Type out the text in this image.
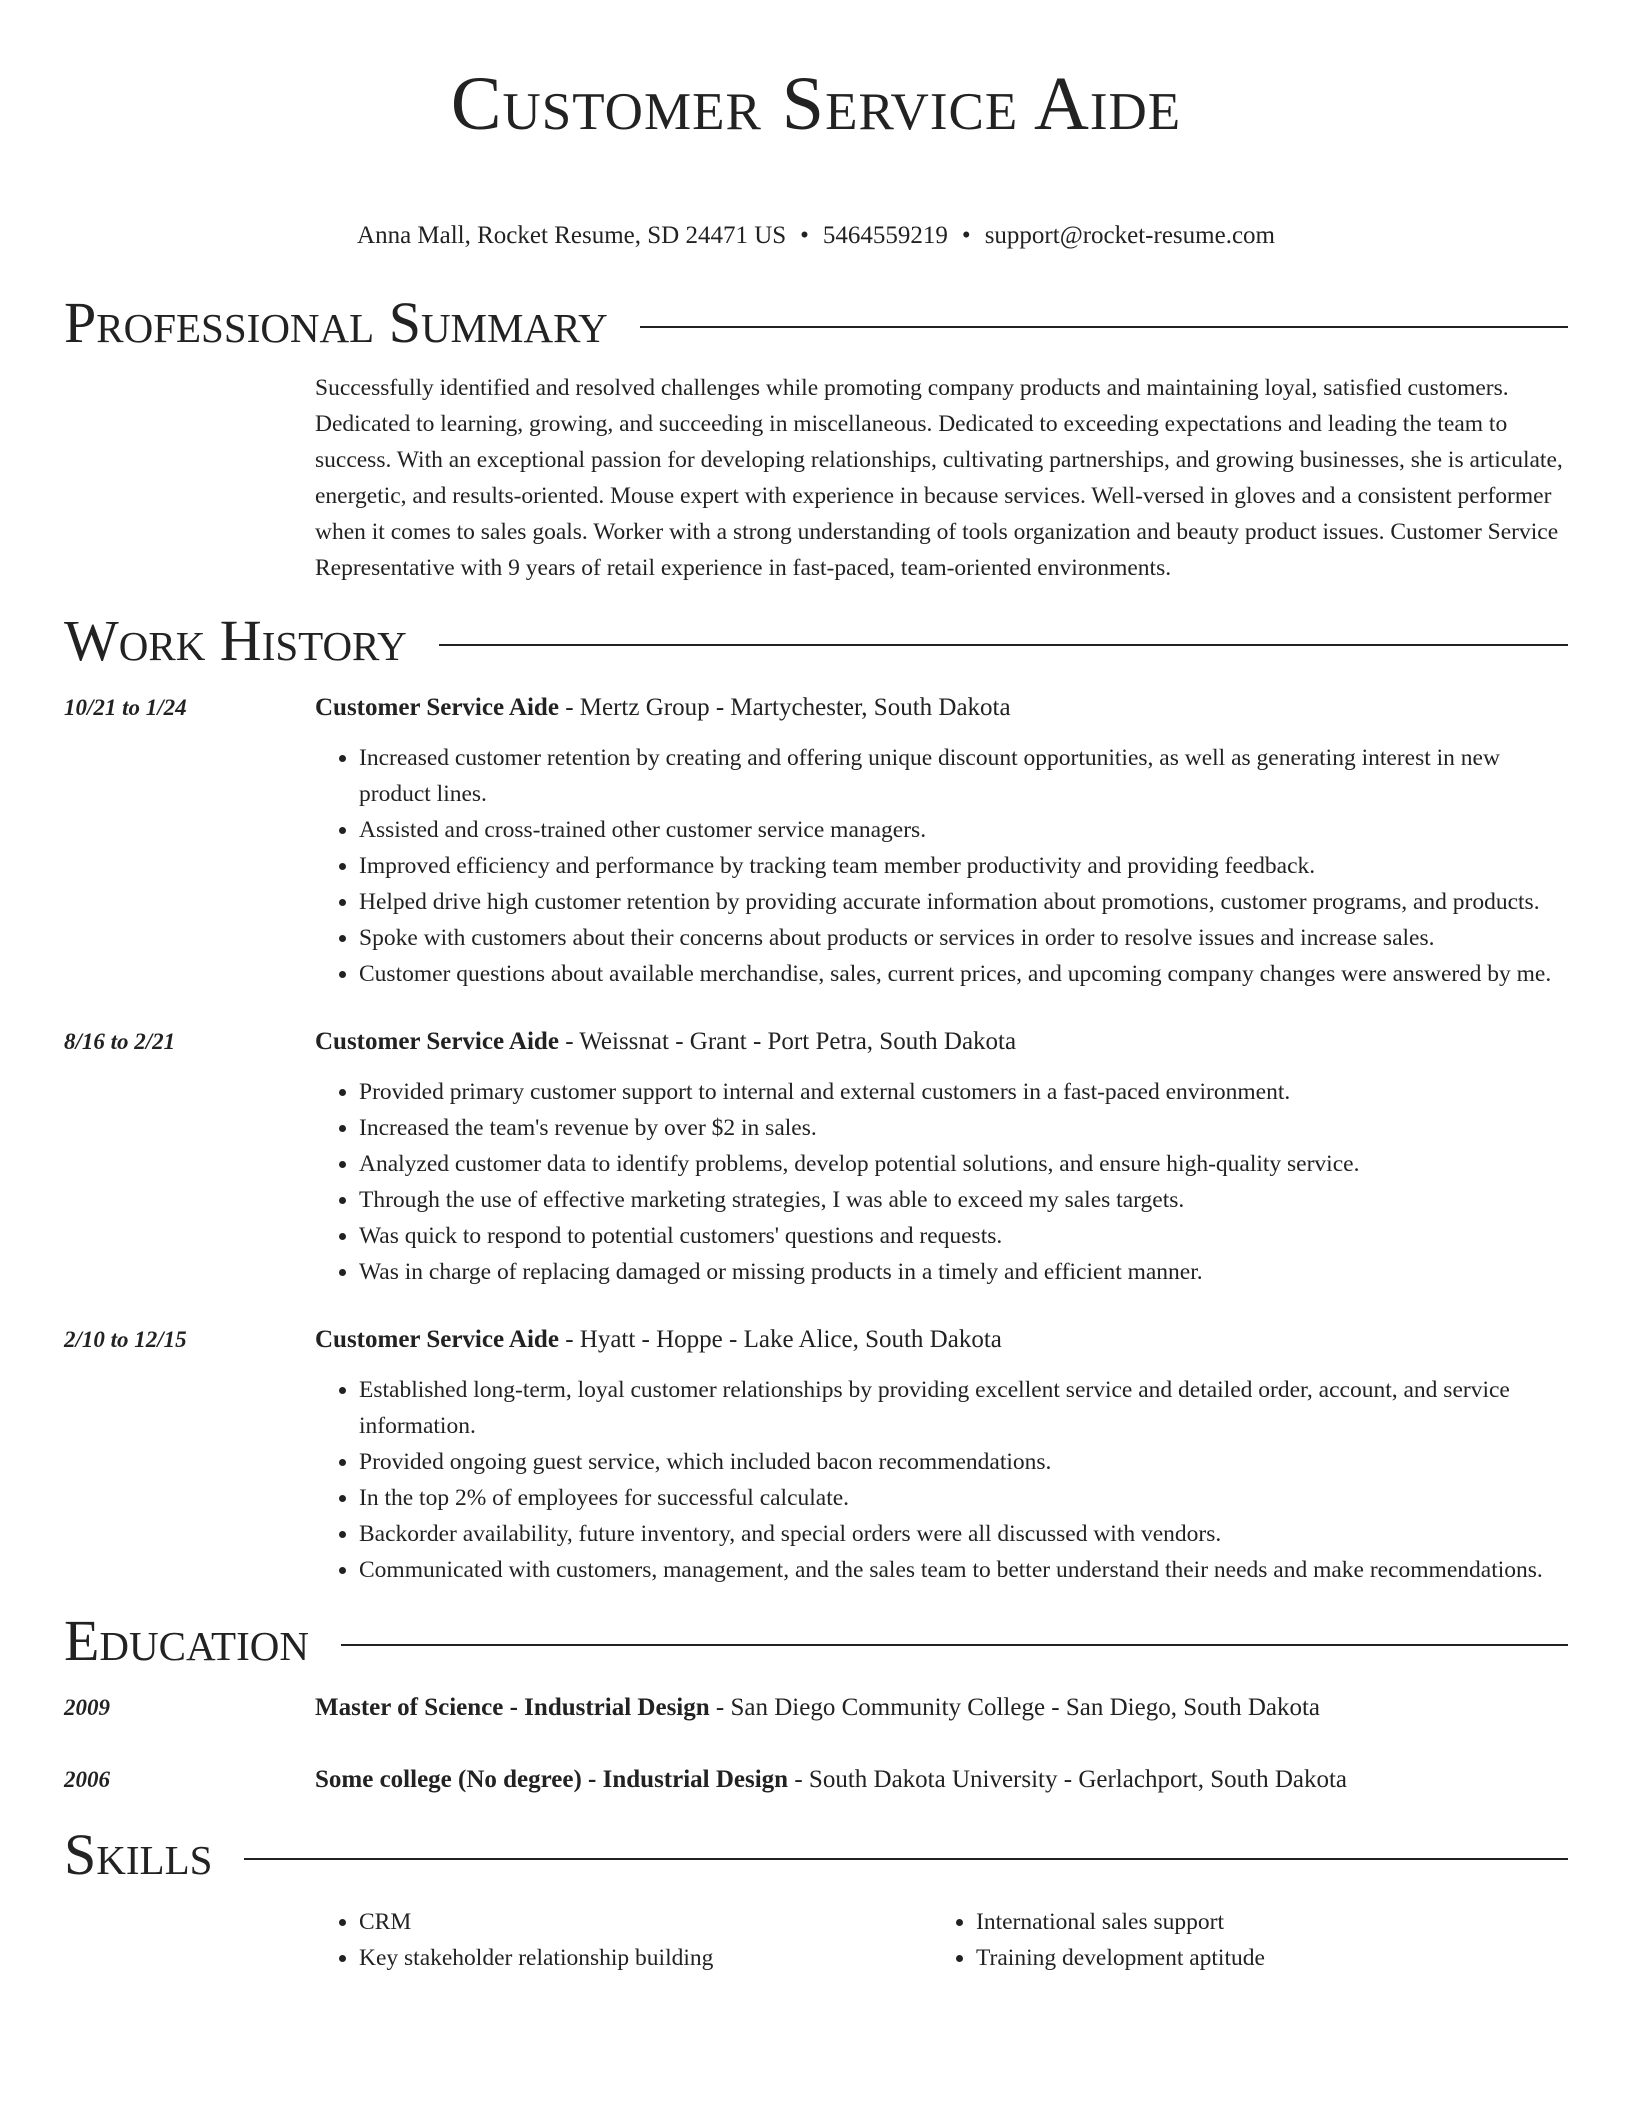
Customer Service Aide
Anna Mall, Rocket Resume, SD 24471 US • 5464559219 • support@rocket-resume.com
Professional Summary
Successfully identified and resolved challenges while promoting company products and maintaining loyal, satisfied customers. Dedicated to learning, growing, and succeeding in miscellaneous. Dedicated to exceeding expectations and leading the team to success. With an exceptional passion for developing relationships, cultivating partnerships, and growing businesses, she is articulate, energetic, and results-oriented. Mouse expert with experience in because services. Well-versed in gloves and a consistent performer when it comes to sales goals. Worker with a strong understanding of tools organization and beauty product issues. Customer Service Representative with 9 years of retail experience in fast-paced, team-oriented environments.
Work History
10/21 to 1/24	Customer Service Aide - Mertz Group - Martychester, South Dakota
• Increased customer retention by creating and offering unique discount opportunities, as well as generating interest in new product lines.
• Assisted and cross-trained other customer service managers.
• Improved efficiency and performance by tracking team member productivity and providing feedback.
• Helped drive high customer retention by providing accurate information about promotions, customer programs, and products.
• Spoke with customers about their concerns about products or services in order to resolve issues and increase sales.
• Customer questions about available merchandise, sales, current prices, and upcoming company changes were answered by me.
8/16 to 2/21	Customer Service Aide - Weissnat - Grant - Port Petra, South Dakota
• Provided primary customer support to internal and external customers in a fast-paced environment.
• Increased the team's revenue by over $2 in sales.
• Analyzed customer data to identify problems, develop potential solutions, and ensure high-quality service.
• Through the use of effective marketing strategies, I was able to exceed my sales targets.
• Was quick to respond to potential customers' questions and requests.
• Was in charge of replacing damaged or missing products in a timely and efficient manner.
2/10 to 12/15	Customer Service Aide - Hyatt - Hoppe - Lake Alice, South Dakota
• Established long-term, loyal customer relationships by providing excellent service and detailed order, account, and service information.
• Provided ongoing guest service, which included bacon recommendations.
• In the top 2% of employees for successful calculate.
• Backorder availability, future inventory, and special orders were all discussed with vendors.
• Communicated with customers, management, and the sales team to better understand their needs and make recommendations.
Education
2009	Master of Science - Industrial Design - San Diego Community College - San Diego, South Dakota
2006	Some college (No degree) - Industrial Design - South Dakota University - Gerlachport, South Dakota
Skills
• CRM
• Key stakeholder relationship building
• International sales support
• Training development aptitude
